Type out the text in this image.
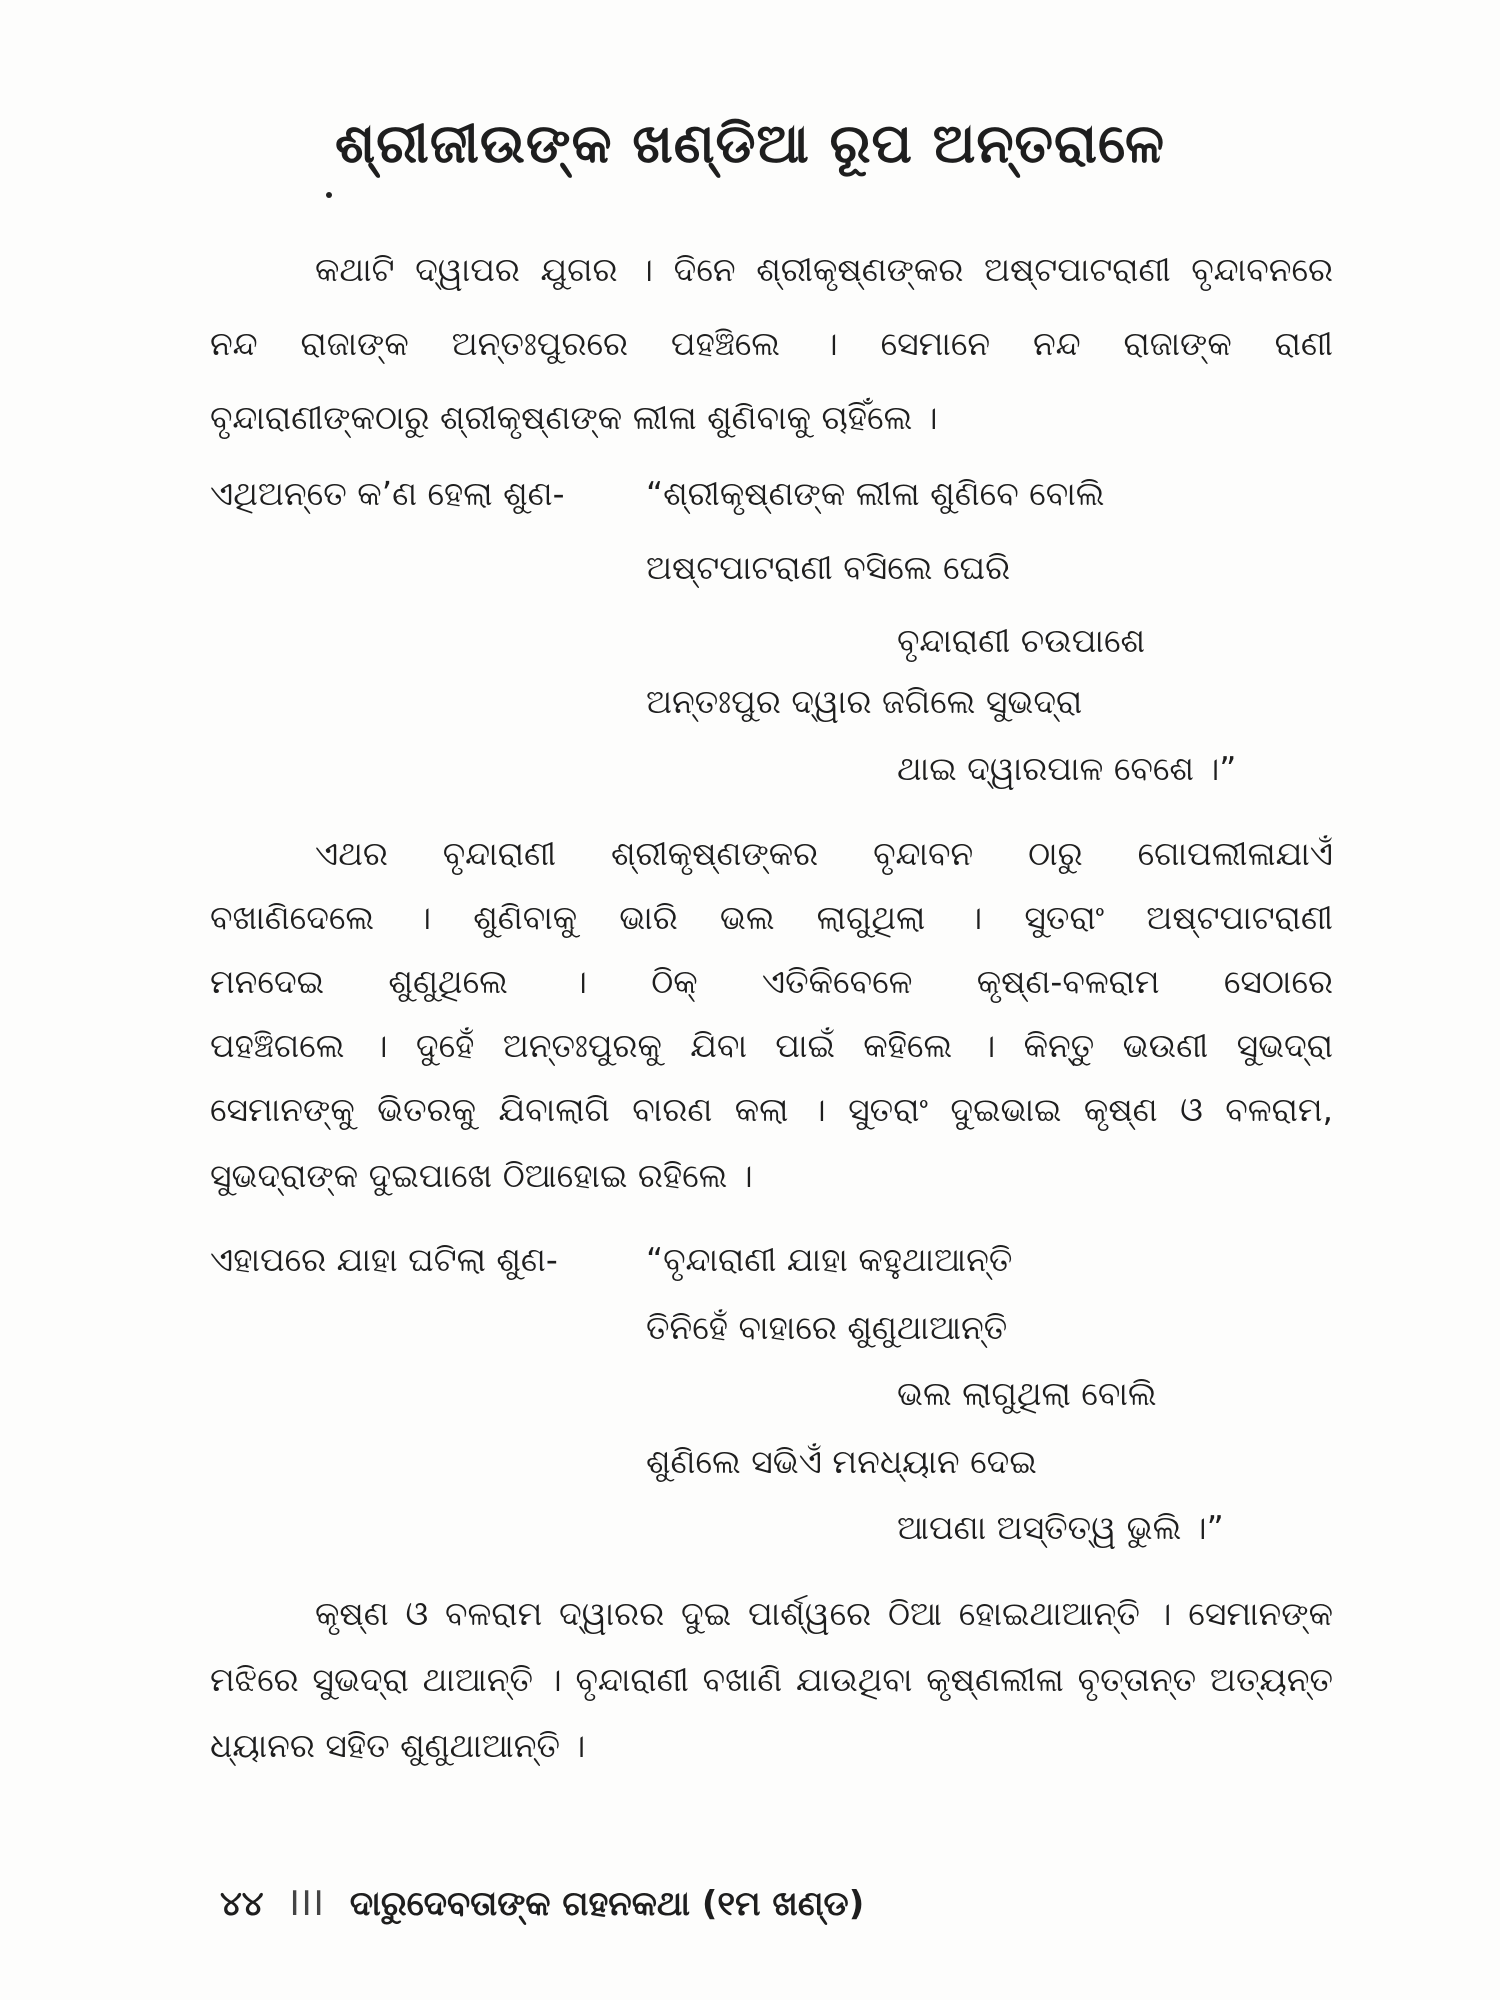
ଶ୍ରୀଜୀଉଙ୍କ ଖଣ୍ଡିଆ ରୂପ ଅନ୍ତରାଳେ
କଥାଟି ଦ୍ୱାପର ଯୁଗର । ଦିନେ ଶ୍ରୀକୃଷ୍ଣଙ୍କର ଅଷ୍ଟପାଟରାଣୀ ବୃନ୍ଦାବନରେ
ନନ୍ଦ ରାଜାଙ୍କ ଅନ୍ତଃପୁରରେ ପହଞ୍ଚିଲେ । ସେମାନେ ନନ୍ଦ ରାଜାଙ୍କ ରାଣୀ
ବୃନ୍ଦାରାଣୀଙ୍କଠାରୁ ଶ୍ରୀକୃଷ୍ଣଙ୍କ ଲୀଳା ଶୁଣିବାକୁ ଚାହିଁଲେ ।
ଏଥିଅନ୍ତେ କ’ଣ ହେଲା ଶୁଣ- “ଶ୍ରୀକୃଷ୍ଣଙ୍କ ଲୀଳା ଶୁଣିବେ ବୋଲି
ଅଷ୍ଟପାଟରାଣୀ ବସିଲେ ଘେରି
ବୃନ୍ଦାରାଣୀ ଚଉପାଶେ
ଅନ୍ତଃପୁର ଦ୍ୱାର ଜଗିଲେ ସୁଭଦ୍ରା
ଥାଇ ଦ୍ୱାରପାଳ ବେଶେ ।”
ଏଥର ବୃନ୍ଦାରାଣୀ ଶ୍ରୀକୃଷ୍ଣଙ୍କର ବୃନ୍ଦାବନ ଠାରୁ ଗୋପଲୀଳାଯାଏଁ
ବଖାଣିଦେଲେ । ଶୁଣିବାକୁ ଭାରି ଭଲ ଲାଗୁଥିଲା । ସୁତରାଂ ଅଷ୍ଟପାଟରାଣୀ
ମନଦେଇ ଶୁଣୁଥିଲେ । ଠିକ୍ ଏତିକିବେଳେ କୃଷ୍ଣ-ବଳରାମ ସେଠାରେ
ପହଞ୍ଚିଗଲେ । ଦୁହେଁ ଅନ୍ତଃପୁରକୁ ଯିବା ପାଇଁ କହିଲେ । କିନ୍ତୁ ଭଉଣୀ ସୁଭଦ୍ରା
ସେମାନଙ୍କୁ ଭିତରକୁ ଯିବାଲାଗି ବାରଣ କଲା । ସୁତରାଂ ଦୁଇଭାଇ କୃଷ୍ଣ ଓ ବଳରାମ,
ସୁଭଦ୍ରାଙ୍କ ଦୁଇପାଖେ ଠିଆହୋଇ ରହିଲେ ।
ଏହାପରେ ଯାହା ଘଟିଲା ଶୁଣ-	“ବୃନ୍ଦାରାଣୀ ଯାହା କହୁଥାଆନ୍ତି
ତିନିହେଁ ବାହାରେ ଶୁଣୁଥାଆନ୍ତି
ଭଲ ଲାଗୁଥିଲା ବୋଲି
ଶୁଣିଲେ ସଭିଏଁ ମନଧ୍ୟାନ ଦେଇ
ଆପଣା ଅସ୍ତିତ୍ୱ ଭୁଲି ।”
କୃଷ୍ଣ ଓ ବଳରାମ ଦ୍ୱାରର ଦୁଇ ପାର୍ଶ୍ୱରେ ଠିଆ ହୋଇଥାଆନ୍ତି । ସେମାନଙ୍କ
ମଝିରେ ସୁଭଦ୍ରା ଥାଆନ୍ତି । ବୃନ୍ଦାରାଣୀ ବଖାଣି ଯାଉଥିବା କୃଷ୍ଣଲୀଳା ବୃତ୍ତାନ୍ତ ଅତ୍ୟନ୍ତ
ଧ୍ୟାନର ସହିତ ଶୁଣୁଥାଆନ୍ତି ।
୪୪ III ଦାରୁଦେବତାଙ୍କ ଗହନକଥା (୧ମ ଖଣ୍ଡ)
